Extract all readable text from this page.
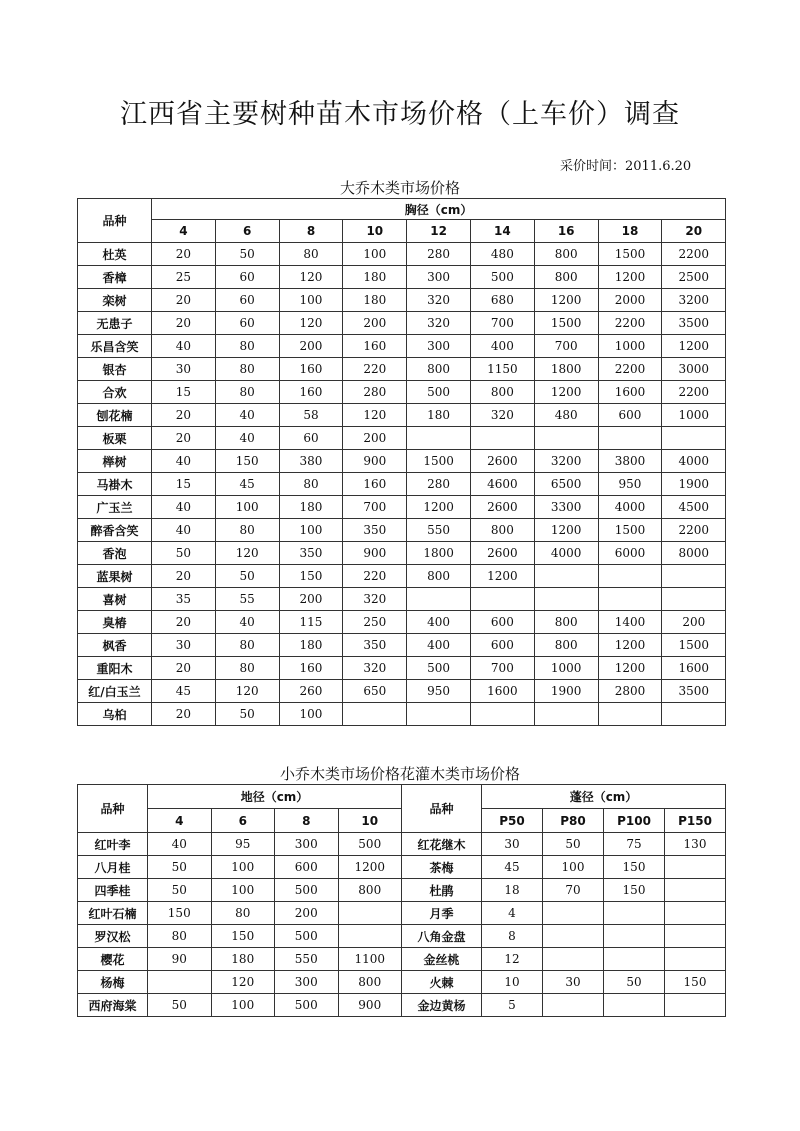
江西省主要树种苗木市场价格（上车价）调查
采价时间：2011.6.20
大乔木类市场价格
品种	胸径（cm）								
	4	6	8	10	12	14	16	18	20
杜英	20	50	80	100	280	480	800	1500	2200
香樟	25	60	120	180	300	500	800	1200	2500
栾树	20	60	100	180	320	680	1200	2000	3200
无患子	20	60	120	200	320	700	1500	2200	3500
乐昌含笑	40	80	200	160	300	400	700	1000	1200
银杏	30	80	160	220	800	1150	1800	2200	3000
合欢	15	80	160	280	500	800	1200	1600	2200
刨花楠	20	40	58	120	180	320	480	600	1000
板栗	20	40	60	200					
榉树	40	150	380	900	1500	2600	3200	3800	4000
马褂木	15	45	80	160	280	4600	6500	950	1900
广玉兰	40	100	180	700	1200	2600	3300	4000	4500
醉香含笑	40	80	100	350	550	800	1200	1500	2200
香泡	50	120	350	900	1800	2600	4000	6000	8000
蓝果树	20	50	150	220	800	1200			
喜树	35	55	200	320					
臭椿	20	40	115	250	400	600	800	1400	200
枫香	30	80	180	350	400	600	800	1200	1500
重阳木	20	80	160	320	500	700	1000	1200	1600
红/白玉兰	45	120	260	650	950	1600	1900	2800	3500
乌桕	20	50	100						
小乔木类市场价格花灌木类市场价格
品种	地径（cm）			
	4	6	8	10
红叶李	40	95	300	500
八月桂	50	100	600	1200
四季桂	50	100	500	800
红叶石楠	150	80	200	
罗汉松	80	150	500	
樱花	90	180	550	1100
杨梅		120	300	800
西府海棠	50	100	500	900
品种	蓬径（cm）			
	P50	P80	P100	P150
红花继木	30	50	75	130
茶梅	45	100	150	
杜鹃	18	70	150	
月季	4			
八角金盘	8			
金丝桃	12			
火棘	10	30	50	150
金边黄杨	5			
